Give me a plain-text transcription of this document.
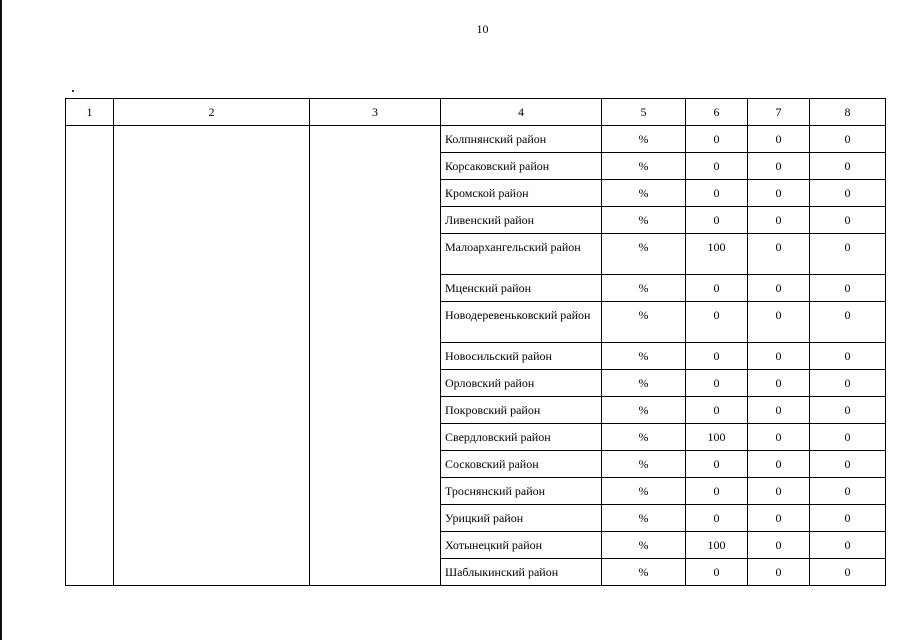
10
1	2	3	4	5	6	7	8
			Колпнянский район	%	0	0	0
			Корсаковский район	%	0	0	0
			Кромской район	%	0	0	0
			Ливенский район	%	0	0	0
			Малоархангельский район	%	100	0	0
			Мценский район	%	0	0	0
			Новодеревеньковский район	%	0	0	0
			Новосильский район	%	0	0	0
			Орловский район	%	0	0	0
			Покровский район	%	0	0	0
			Свердловский район	%	100	0	0
			Сосковский район	%	0	0	0
			Троснянский район	%	0	0	0
			Урицкий район	%	0	0	0
			Хотынецкий район	%	100	0	0
			Шаблыкинский район	%	0	0	0
